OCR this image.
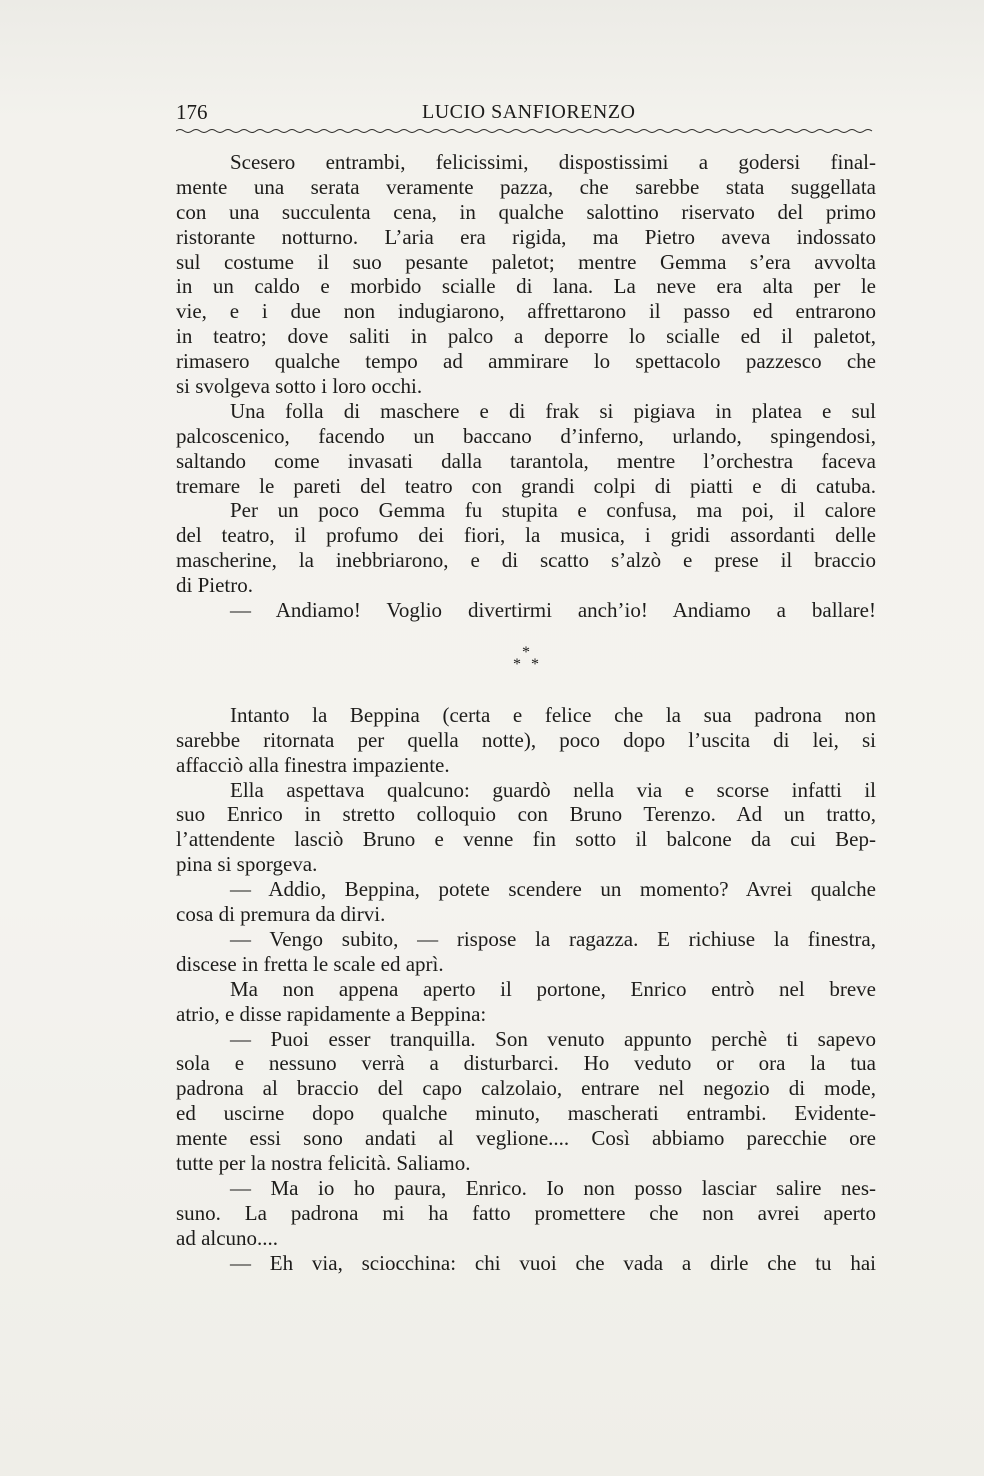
176	LUCIO SANFIORENZO
Scesero entrambi, felicissimi, dispostissimi a godersi final-
mente una serata veramente pazza, che sarebbe stata suggellata
con una succulenta cena, in qualche salottino riservato del primo
ristorante notturno. L’aria era rigida, ma Pietro aveva indossato
sul costume il suo pesante paletot; mentre Gemma s’era avvolta
in un caldo e morbido scialle di lana. La neve era alta per le
vie, e i due non indugiarono, affrettarono il passo ed entrarono
in teatro; dove saliti in palco a deporre lo scialle ed il paletot,
rimasero qualche tempo ad ammirare lo spettacolo pazzesco che
si svolgeva sotto i loro occhi.
Una folla di maschere e di frak si pigiava in platea e sul
palcoscenico, facendo un baccano d’inferno, urlando, spingendosi,
saltando come invasati dalla tarantola, mentre l’orchestra faceva
tremare le pareti del teatro con grandi colpi di piatti e di catuba.
Per un poco Gemma fu stupita e confusa, ma poi, il calore
del teatro, il profumo dei fiori, la musica, i gridi assordanti delle
mascherine, la inebbriarono, e di scatto s’alzò e prese il braccio
di Pietro.
— Andiamo! Voglio divertirmi anch’io! Andiamo a ballare!
*
* *
Intanto la Beppina (certa e felice che la sua padrona non
sarebbe ritornata per quella notte), poco dopo l’uscita di lei, si
affacciò alla finestra impaziente.
Ella aspettava qualcuno: guardò nella via e scorse infatti il
suo Enrico in stretto colloquio con Bruno Terenzo. Ad un tratto,
l’attendente lasciò Bruno e venne fin sotto il balcone da cui Bep-
pina si sporgeva.
— Addio, Beppina, potete scendere un momento? Avrei qualche
cosa di premura da dirvi.
— Vengo subito, — rispose la ragazza. E richiuse la finestra,
discese in fretta le scale ed aprì.
Ma non appena aperto il portone, Enrico entrò nel breve
atrio, e disse rapidamente a Beppina:
— Puoi esser tranquilla. Son venuto appunto perchè ti sapevo
sola e nessuno verrà a disturbarci. Ho veduto or ora la tua
padrona al braccio del capo calzolaio, entrare nel negozio di mode,
ed uscirne dopo qualche minuto, mascherati entrambi. Evidente-
mente essi sono andati al veglione.... Così abbiamo parecchie ore
tutte per la nostra felicità. Saliamo.
— Ma io ho paura, Enrico. Io non posso lasciar salire nes-
suno. La padrona mi ha fatto promettere che non avrei aperto
ad alcuno....
— Eh via, sciocchina: chi vuoi che vada a dirle che tu hai
